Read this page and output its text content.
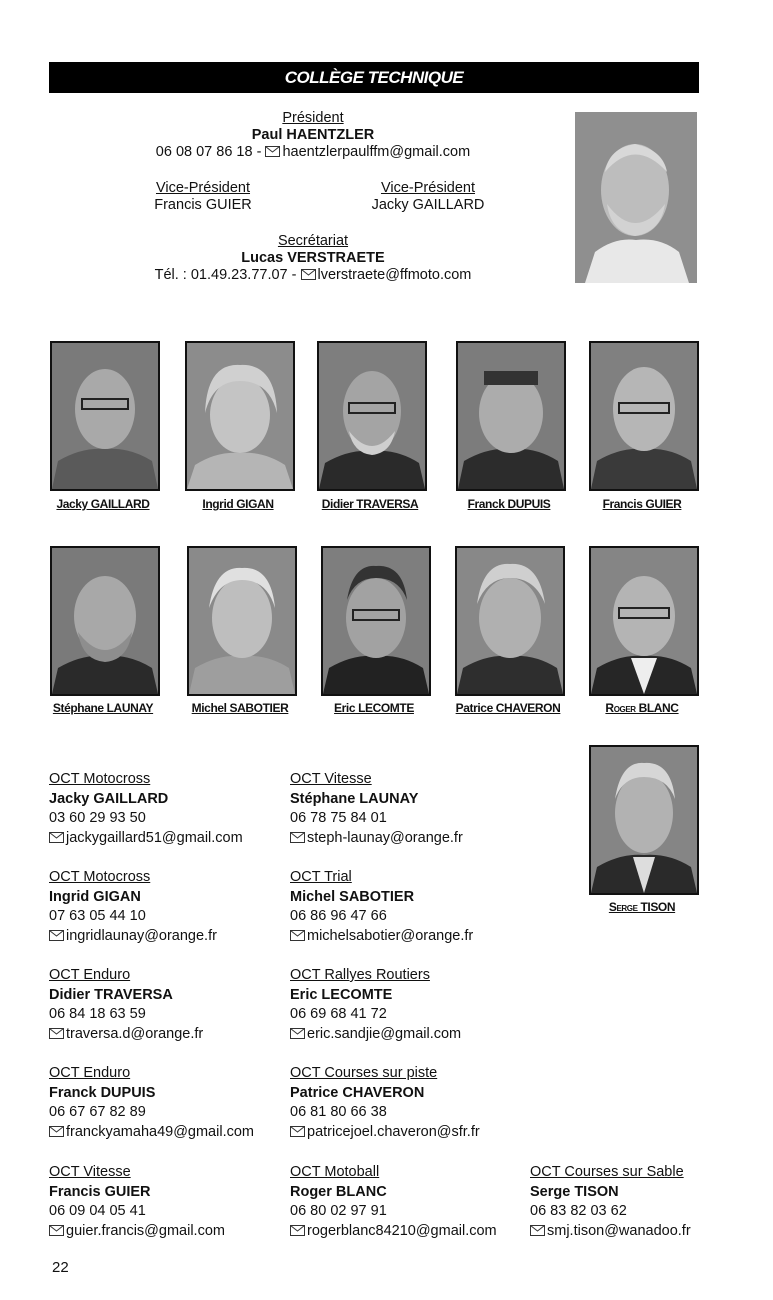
COLLÈGE TECHNIQUE
Président
Paul HAENTZLER
06 08 07 86 18 - haentzlerpaulffm@gmail.com
Vice-Président
Francis GUIER
Vice-Président
Jacky GAILLARD
Secrétariat
Lucas VERSTRAETE
Tél. : 01.49.23.77.07 - lverstraete@ffmoto.com
Jacky GAILLARD	Ingrid GIGAN	Didier TRAVERSA	Franck DUPUIS	Francis GUIER
Stéphane LAUNAY	Michel SABOTIER	Eric LECOMTE	Patrice CHAVERON	Roger BLANC
Serge TISON
OCT Motocross
Jacky GAILLARD
03 60 29 93 50
jackygaillard51@gmail.com
OCT Vitesse
Stéphane LAUNAY
06 78 75 84 01
steph-launay@orange.fr
OCT Motocross
Ingrid GIGAN
07 63 05 44 10
ingridlaunay@orange.fr
OCT Trial
Michel SABOTIER
06 86 96 47 66
michelsabotier@orange.fr
OCT Enduro
Didier TRAVERSA
06 84 18 63 59
traversa.d@orange.fr
OCT Rallyes Routiers
Eric LECOMTE
06 69 68 41 72
eric.sandjie@gmail.com
OCT Enduro
Franck DUPUIS
06 67 67 82 89
franckyamaha49@gmail.com
OCT Courses sur piste
Patrice CHAVERON
06 81 80 66 38
patricejoel.chaveron@sfr.fr
OCT Vitesse
Francis GUIER
06 09 04 05 41
guier.francis@gmail.com
OCT Motoball
Roger BLANC
06 80 02 97 91
rogerblanc84210@gmail.com
OCT Courses sur Sable
Serge TISON
06 83 82 03 62
smj.tison@wanadoo.fr
22
